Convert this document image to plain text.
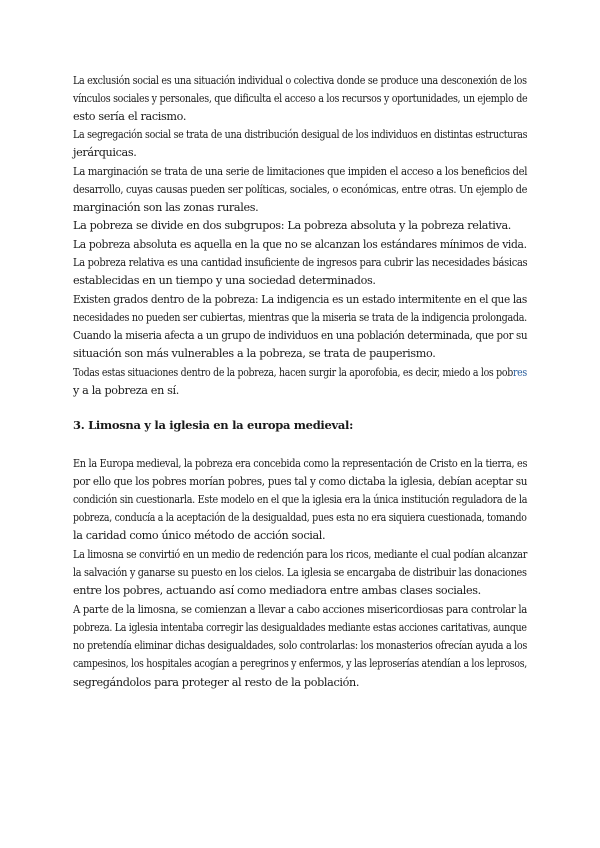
La exclusión social es una situación individual o colectiva donde se produce una desconexión de los
vínculos sociales y personales, que dificulta el acceso a los recursos y oportunidades, un ejemplo de
esto sería el racismo.
La segregación social se trata de una distribución desigual de los individuos en distintas estructuras
jerárquicas.
La marginación se trata de una serie de limitaciones que impiden el acceso a los beneficios del
desarrollo, cuyas causas pueden ser políticas, sociales, o económicas, entre otras. Un ejemplo de
marginación son las zonas rurales.
La pobreza se divide en dos subgrupos: La pobreza absoluta y la pobreza relativa.
La pobreza absoluta es aquella en la que no se alcanzan los estándares mínimos de vida.
La pobreza relativa es una cantidad insuficiente de ingresos para cubrir las necesidades básicas
establecidas en un tiempo y una sociedad determinados.
Existen grados dentro de la pobreza: La indigencia es un estado intermitente en el que las
necesidades no pueden ser cubiertas, mientras que la miseria se trata de la indigencia prolongada.
Cuando la miseria afecta a un grupo de individuos en una población determinada, que por su
situación son más vulnerables a la pobreza, se trata de pauperismo.
Todas estas situaciones dentro de la pobreza, hacen surgir la aporofobia, es decir, miedo a los pobres
y a la pobreza en sí.
3. Limosna y la iglesia en la europa medieval:
En la Europa medieval, la pobreza era concebida como la representación de Cristo en la tierra, es
por ello que los pobres morían pobres, pues tal y como dictaba la iglesia, debían aceptar su
condición sin cuestionarla. Este modelo en el que la iglesia era la única institución reguladora de la
pobreza, conducía a la aceptación de la desigualdad, pues esta no era siquiera cuestionada, tomando
la caridad como único método de acción social.
La limosna se convirtió en un medio de redención para los ricos, mediante el cual podían alcanzar
la salvación y ganarse su puesto en los cielos. La iglesia se encargaba de distribuir las donaciones
entre los pobres, actuando así como mediadora entre ambas clases sociales.
A parte de la limosna, se comienzan a llevar a cabo acciones misericordiosas para controlar la
pobreza. La iglesia intentaba corregir las desigualdades mediante estas acciones caritativas, aunque
no pretendía eliminar dichas desigualdades, solo controlarlas: los monasterios ofrecían ayuda a los
campesinos, los hospitales acogían a peregrinos y enfermos, y las leproserías atendían a los leprosos,
segregándolos para proteger al resto de la población.
